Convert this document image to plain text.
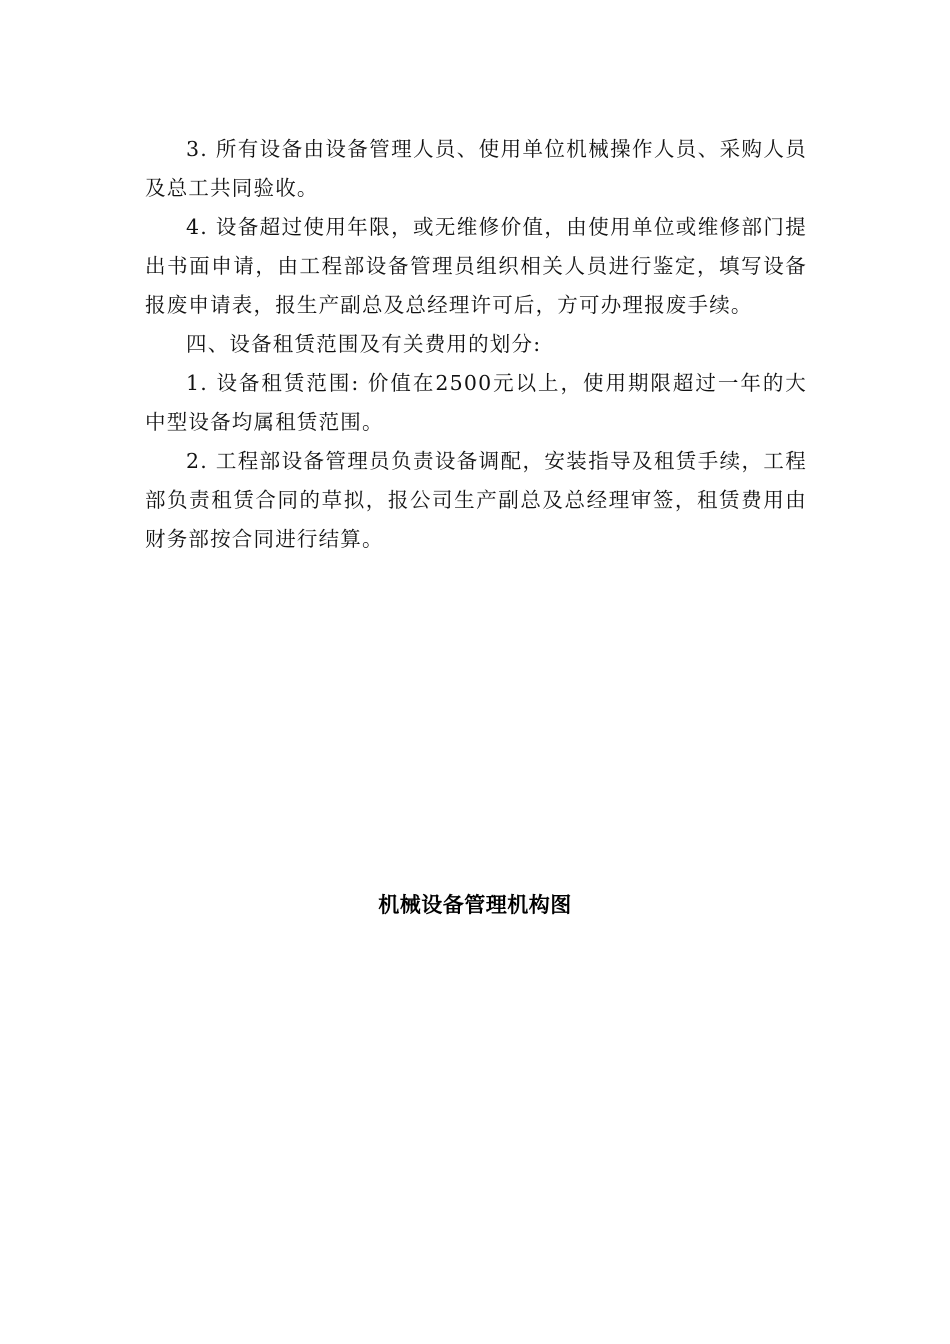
3. 所有设备由设备管理人员、使用单位机械操作人员、采购人员及总工共同验收。

4. 设备超过使用年限，或无维修价值，由使用单位或维修部门提出书面申请，由工程部设备管理员组织相关人员进行鉴定，填写设备报废申请表，报生产副总及总经理许可后，方可办理报废手续。

四、设备租赁范围及有关费用的划分:

1. 设备租赁范围: 价值在2500元以上，使用期限超过一年的大中型设备均属租赁范围。

2. 工程部设备管理员负责设备调配，安装指导及租赁手续，工程部负责租赁合同的草拟，报公司生产副总及总经理审签，租赁费用由财务部按合同进行结算。

机械设备管理机构图
